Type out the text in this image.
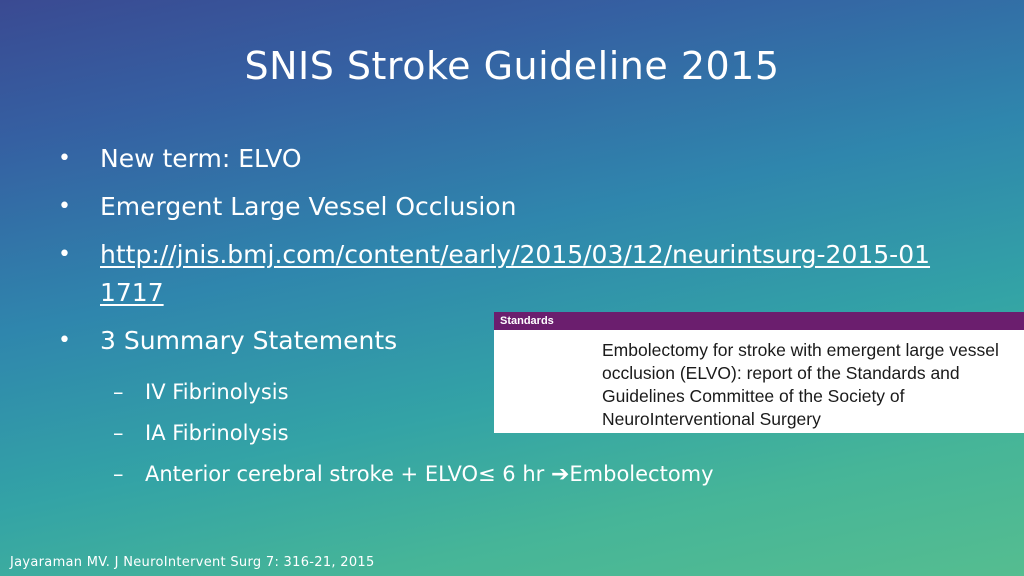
SNIS Stroke Guideline 2015
• New term: ELVO
• Emergent Large Vessel Occlusion
• http://jnis.bmj.com/content/early/2015/03/12/neurintsurg-2015-011717
• 3 Summary Statements
– IV Fibrinolysis
– IA Fibrinolysis
– Anterior cerebral stroke + ELVO≤ 6 hr ➔Embolectomy
Standards
Embolectomy for stroke with emergent large vessel occlusion (ELVO): report of the Standards and Guidelines Committee of the Society of NeuroInterventional Surgery
Jayaraman MV. J NeuroIntervent Surg 7: 316-21, 2015
